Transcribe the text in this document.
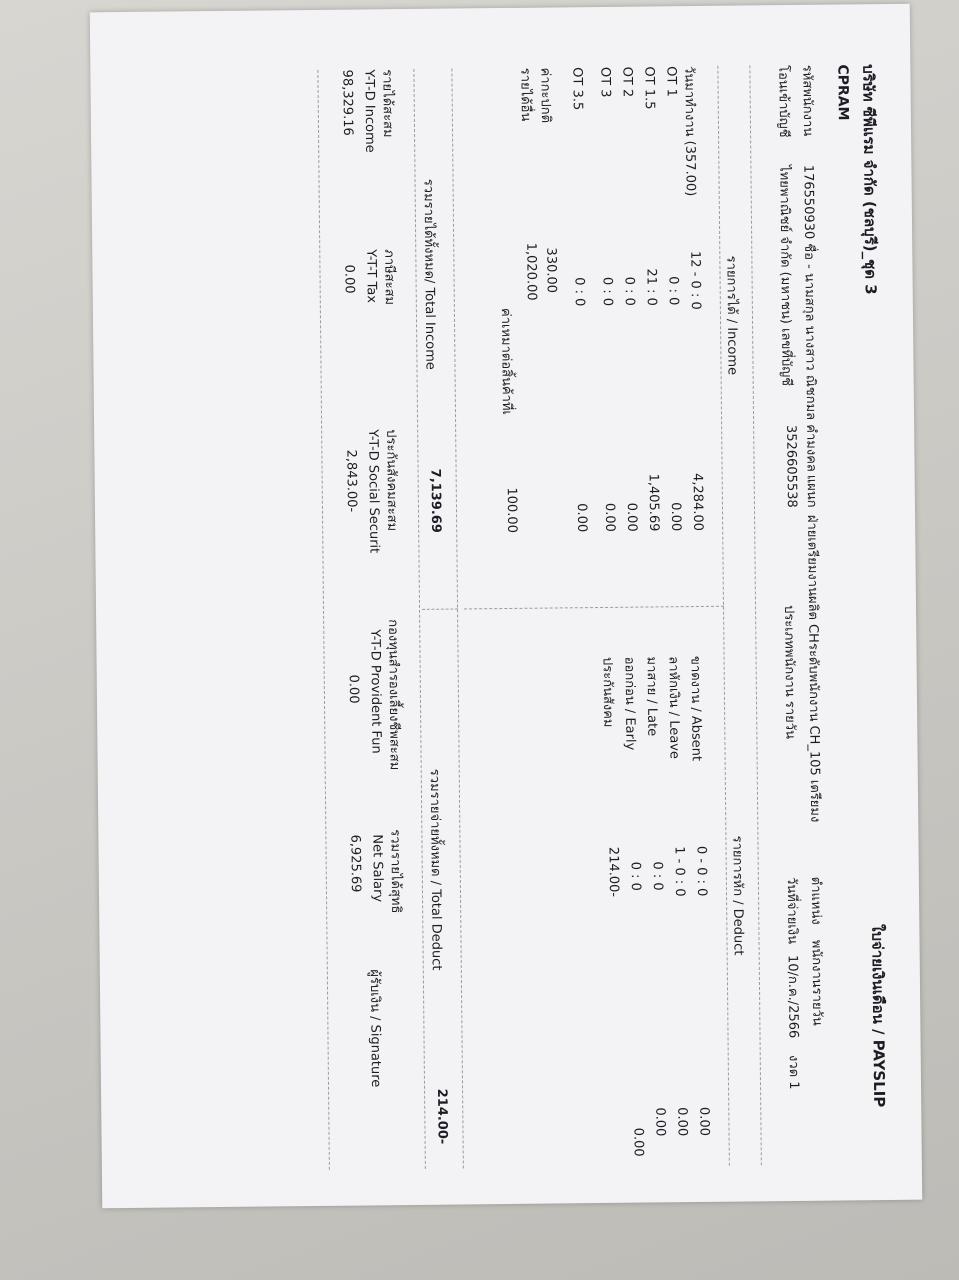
บริษัท ซีพีแรม จำกัด (ชลบุรี)_ชุด 3
ใบจ่ายเงินเดือน / PAYSLIP
CPRAM
รหัสพนักงาน
176550930 ชื่อ - นามสกุล นางสาว ณิชกมล คำมงคล
แผนก
ฝ่ายเตรียมงานผลิต CHระดับพนักงาน CH_105 เตรียมง
ตำแหน่ง
พนักงานรายวัน
โอนเข้าบัญชี
ไทยพาณิชย์ จำกัด (มหาชน) เลขที่บัญชี
3526605538
ประเภทพนักงาน รายวัน
วันที่จ่ายเงิน
10/ก.ค./2566
งวด 1
รายการได้ / Income
รายการหัก / Deduct
วันมาทำงาน (357.00)
12 - 0 : 0
4,284.00
OT 1
0 : 0
0.00
OT 1.5
21 : 0
1,405.69
OT 2
0 : 0
0.00
OT 3
0 : 0
0.00
OT 3.5
0 : 0
0.00
ค่ากะปกติ
330.00
รายได้อื่น
1,020.00
ค่าเหมาต่อสิ้นค้าที่เ
100.00
ขาดงาน / Absent
0 - 0 : 0
0.00
ลาหักเงิน / Leave
1 - 0 : 0
0.00
มาสาย / Late
0 : 0
0.00
ออกก่อน / Early
0 : 0
0.00
ประกันสังคม
214.00-
รวมรายได้ทั้งหมด/ Total Income
7,139.69
รวมรายจ่ายทั้งหมด / Total Deduct
214.00-
รายได้สะสม
Y-T-D Income
98,329.16
ภาษีสะสม
Y-T-T Tax
0.00
ประกันสังคมสะสม
Y-T-D Social Securit
2,843.00-
กองทุนสำรองเลี้ยงชีพสะสม
Y-T-D Provident Fun
0.00
รวมรายได้สุทธิ
Net Salary
6,925.69
ผู้รับเงิน / Signature
